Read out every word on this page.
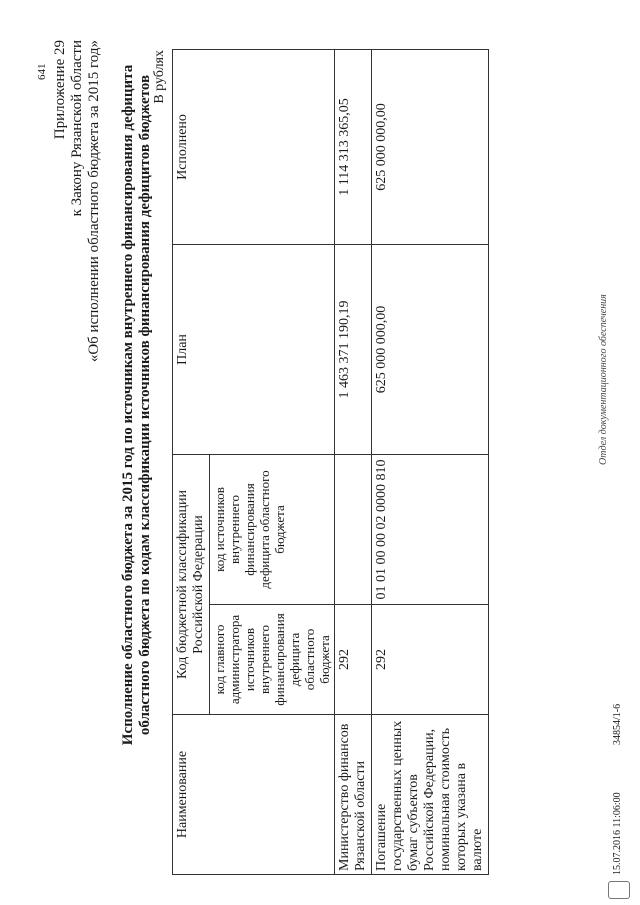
641 Приложение 29 к Закону Рязанской области «Об исполнении областного бюджета за 2015 год» Исполнение областного бюджета за 2015 год по источникам внутреннего финансирования дефицита областного бюджета по кодам классификации источников финансирования дефицитов бюджетов В рублях
Наименование	Код бюджетной классификации Российской Федерации		План	Исполнено
	код главного администратора источников внутреннего финансирования дефицита областного бюджета	код источников внутреннего финансирования дефицита областного бюджета		
Министерство финансов Рязанской области	292		1 463 371 190,19	1 114 313 365,05
Погашение государственных ценных бумаг субъектов Российской Федерации, номинальная стоимость которых указана в валюте	292	01 01 00 00 02 0000 810	625 000 000,00	625 000 000,00
15.07.2016 11:06:00
34854/1-6
Отдел документационного обеспечения
